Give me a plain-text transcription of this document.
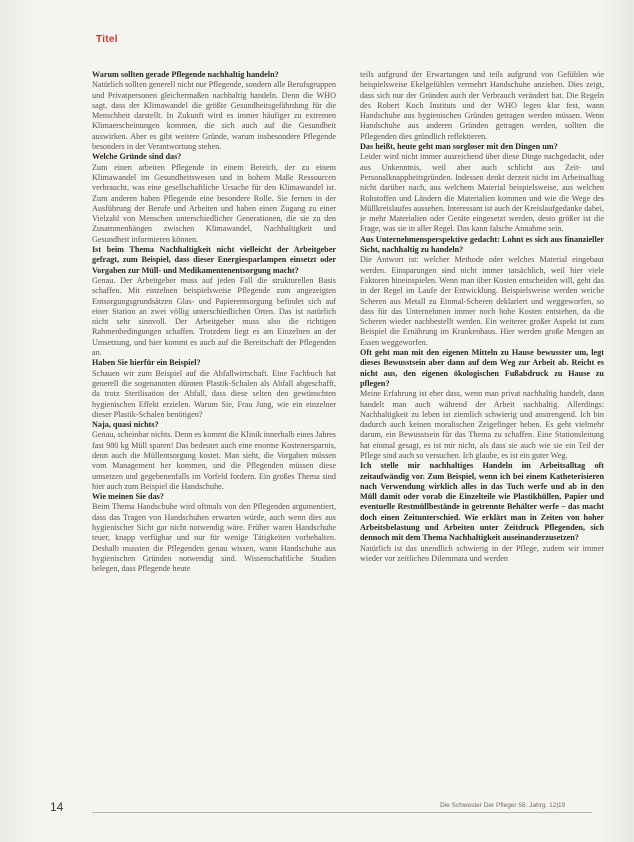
Titel

Warum sollten gerade Pflegende nachhaltig handeln?

Natürlich sollten generell nicht nur Pflegende, sondern alle Berufsgruppen und Privatpersonen gleichermaßen nachhaltig handeln. Denn die WHO sagt, dass der Klimawandel die größte Gesundheitsgefährdung für die Menschheit darstellt. In Zukunft wird es immer häufiger zu extremen Klimaerscheinungen kommen, die sich auch auf die Gesundheit auswirken. Aber es gibt weitere Gründe, warum insbesondere Pflegende besonders in der Verantwortung stehen.

Welche Gründe sind das?

Zum einen arbeiten Pflegende in einem Bereich, der zu einem Klimawandel im Gesundheitswesen und in hohem Maße Ressourcen verbraucht, was eine gesellschaftliche Ursache für den Klimawandel ist. Zum anderen haben Pflegende eine besondere Rolle. Sie fernen in der Ausführung der Berufe und Arbeiten und haben einen Zugang zu einer Vielzahl von Menschen unterschiedlicher Generationen, die sie zu den Zusammenhängen zwischen Klimawandel, Nachhaltigkeit und Gesundheit informieren können.

Ist beim Thema Nachhaltigkeit nicht vielleicht der Arbeitgeber gefragt, zum Beispiel, dass dieser Energiesparlampen einsetzt oder Vorgaben zur Müll- und Medikamentenentsorgung macht?

Genau. Der Arbeitgeber muss auf jeden Fall die strukturellen Basis schaffen. Mit einzelnen beispielsweise Pflegende zum angezeigten Entsorgungsgrundsätzen Glas- und Papierentsorgung befindet sich auf einer Station an zwei völlig unterschiedlichen Orten. Das ist natürlich nicht sehr sinnvoll. Der Arbeitgeber muss also die richtigen Rahmenbedingungen schaffen. Trotzdem liegt es am Einzelnen an der Umsetzung, und hier kommt es auch auf die Bereitschaft der Pflegenden an.

Haben Sie hierfür ein Beispiel?

Schauen wir zum Beispiel auf die Abfallwirtschaft. Eine Fachbuch hat generell die sogenannten dünnen Plastik-Schalen als Abfall abgeschafft, da trotz Sterilisation der Abfall, dass diese selten den gewünschten hygienischen Effekt erzielen. Warum Sie, Frau Jung, wie ein einzelner dieser Plastik-Schalen benötigen?

Naja, quasi nichts?

Genau, scheinbar nichts. Denn es kommt die Klinik innerhalb eines Jahres fast 980 kg Müll sparen! Das bedeutet auch eine enorme Kostenersparnis, denn auch die Müllentsorgung kostet. Man sieht, die Vorgaben müssen vom Management her kommen, und die Pflegenden müssen diese umsetzen und gegebenenfalls im Vorfeld fordern. Ein großes Thema sind hier auch zum Beispiel die Handschuhe.

Wie meinen Sie das?

Beim Thema Handschuhe wird oftmals von den Pflegenden argumentiert, dass das Tragen von Handschuhen erwarten würde, auch wenn dies aus hygienischer Sicht gar nicht notwendig wäre. Früher waren Handschuhe teuer, knapp verfügbar und nur für wenige Tätigkeiten vorbehalten. Deshalb mussten die Pflegenden genau wissen, wann Handschuhe aus hygienischen Gründen notwendig sind. Wissenschaftliche Studien belegen, dass Pflegende heute

teils aufgrund der Erwartungen und teils aufgrund von Gefühlen wie beispielsweise Ekelgefühlen vermehrt Handschuhe anziehen. Dies zeigt, dass sich nur der Gründen auch der Verbrauch verändert hat. Die Regeln des Robert Koch Instituts und der WHO legen klar fest, wann Handschuhe aus hygienischen Gründen getragen werden müssen. Wenn Handschuhe aus anderen Gründen getragen werden, sollten die Pflegenden dies gründlich reflektieren.

Das heißt, heute geht man sorgloser mit den Dingen um?

Leider wird nicht immer ausreichend über diese Dinge nachgedacht, oder aus Unkenntnis, weil aber auch schlicht aus Zeit- und Personalknappheitsgründen. Indessen denkt derzeit nicht im Arbeitsalltag nicht darüber nach, aus welchem Material beispielsweise, aus welchen Rohstoffen und Ländern die Materialien kommen und wie die Wege des Müllkreislaufes aussehen. Interessant ist auch der Kreislaufgedanke dabei, je mehr Materialien oder Geräte eingesetzt werden, desto größer ist die Frage, was sie in aller Regel. Das kann falsche Annahme sein.

Aus Unternehmensperspektive gedacht: Lohnt es sich aus finanzieller Sicht, nachhaltig zu handeln?

Die Antwort ist: welcher Methode oder welches Material eingebaut werden. Einsparungen sind nicht immer tatsächlich, weil hier viele Faktoren hineinspielen. Wenn man über Kosten entscheiden will, geht das in der Regel im Laufe der Entwicklung. Beispielsweise werden weiche Scheren aus Metall zu Einmal-Scheren deklariert und weggeworfen, so dass für das Unternehmen immer noch hohe Kosten entstehen, da die Scheren wieder nachbestellt werden. Ein weiterer großer Aspekt ist zum Beispiel die Ernährung im Krankenhaus. Hier werden große Mengen an Essen weggeworfen.

Oft geht man mit den eigenen Mitteln zu Hause bewusster um, legt dieses Bewusstsein aber dann auf dem Weg zur Arbeit ab. Reicht es nicht aus, den eigenen ökologischen Fußabdruck zu Hause zu pflegen?

Meine Erfahrung ist eher dass, wenn man privat nachhaltig handelt, dann handelt man auch während der Arbeit nachhaltig. Allerdings: Nachhaltigkeit zu leben ist ziemlich schwierig und anstrengend. Ich bin dadurch auch keinen moralischen Zeigefinger heben. Es geht vielmehr darum, ein Bewusstsein für das Thema zu schaffen. Eine Stationsleitung hat einmal gesagt, es ist mir nicht, als dass sie auch wie sie ein Teil der Pflege sind auch so versuchen. Ich glaube, es ist ein guter Weg.

Ich stelle mir nachhaltiges Handeln im Arbeitsalltag oft zeitaufwändig vor. Zum Beispiel, wenn ich bei einem Katheterisieren nach Verwendung wirklich alles in das Tuch werfe und ab in den Müll damit oder vorab die Einzelteile wie Plastikhüllen, Papier und eventuelle Restmüllbestände in getrennte Behälter werfe – das macht doch einen Zeitunterschied. Wie erklärt man in Zeiten von hoher Arbeitsbelastung und Arbeiten unter Zeitdruck Pflegenden, sich dennoch mit dem Thema Nachhaltigkeit auseinanderzusetzen?

Natürlich ist das unendlich schwierig in der Pflege, zudem wir immer wieder vor zeitlichen Dilemmata und werden

14	Die Schwester Der Pfleger 58. Jahrg. 12|19
